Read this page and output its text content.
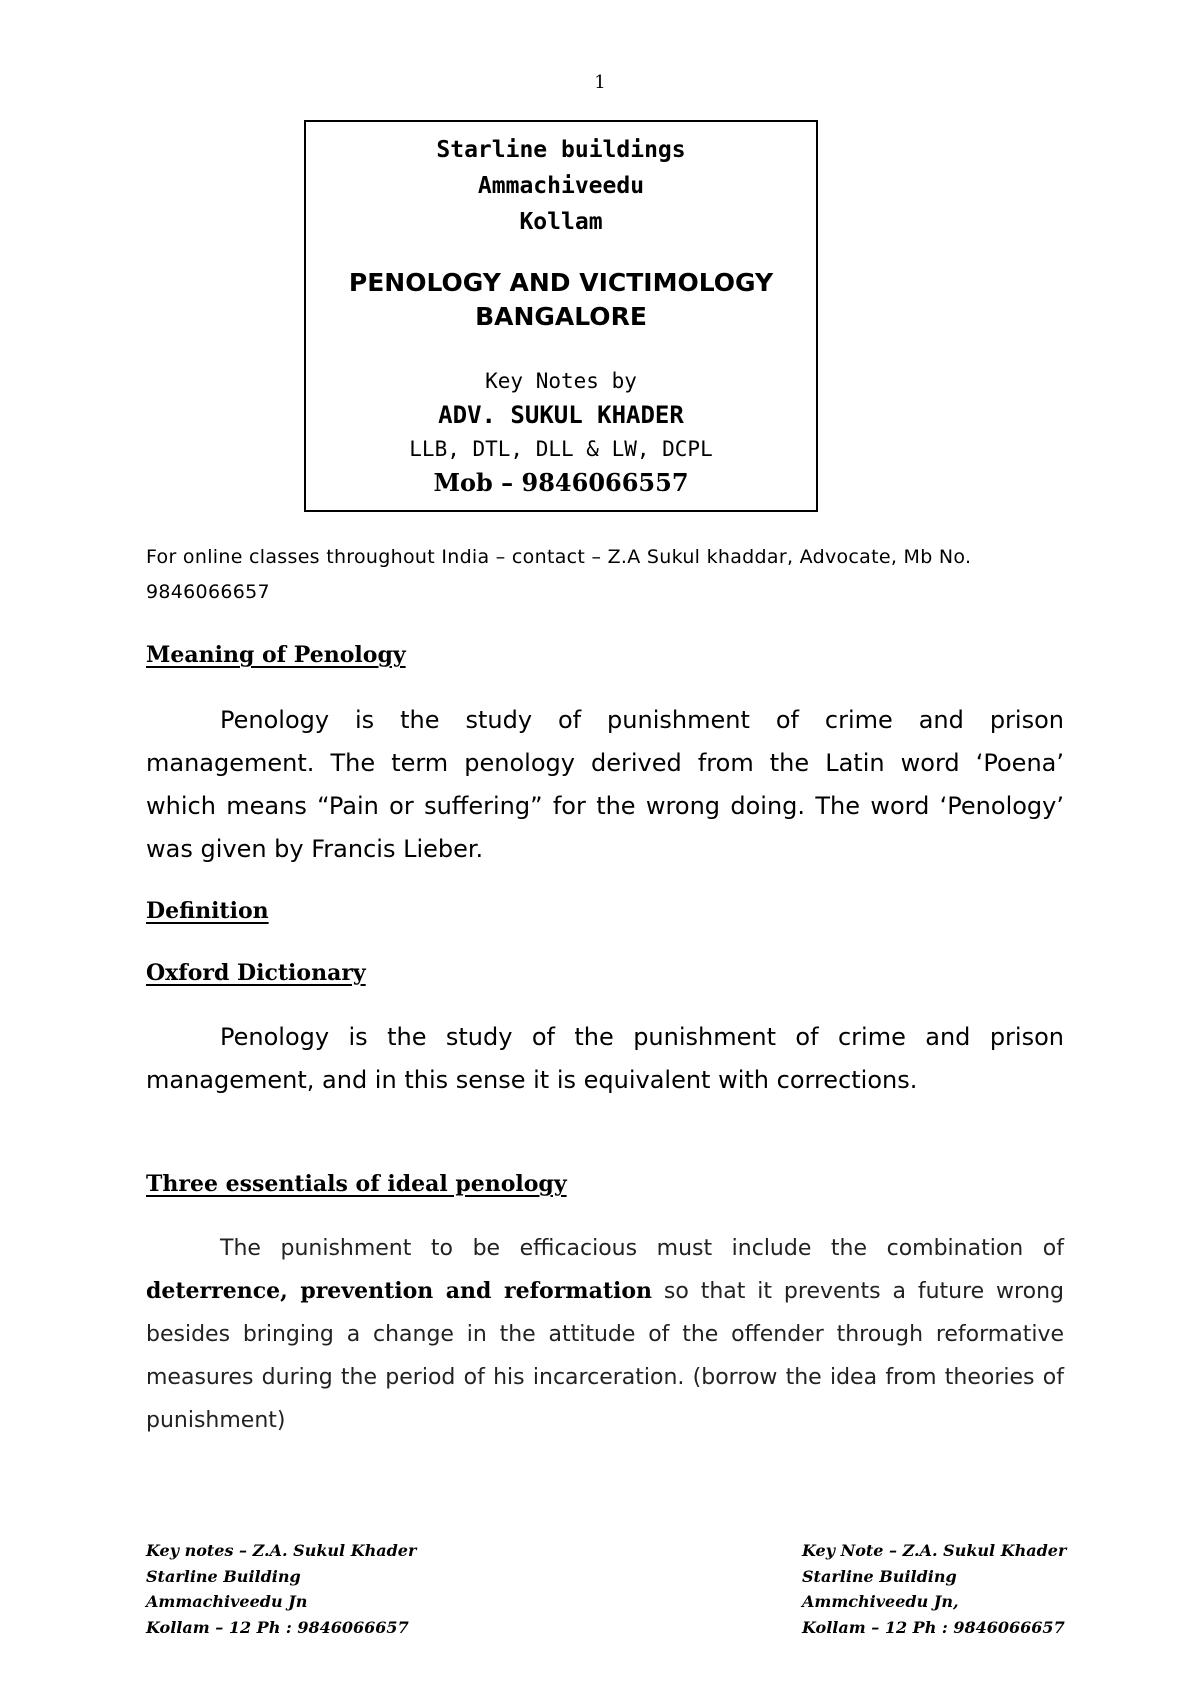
1
Starline buildings
Ammachiveedu
Kollam
PENOLOGY AND VICTIMOLOGY
BANGALORE
Key Notes by
ADV. SUKUL KHADER
LLB, DTL, DLL & LW, DCPL
Mob – 9846066557
For online classes throughout India – contact – Z.A Sukul khaddar, Advocate, Mb No. 9846066657
Meaning of Penology

Penology is the study of punishment of crime and prison management. The term penology derived from the Latin word ‘Poena’ which means “Pain or suffering” for the wrong doing. The word ‘Penology’ was given by Francis Lieber.

Definition
Oxford Dictionary

Penology is the study of the punishment of crime and prison management, and in this sense it is equivalent with corrections.

Three essentials of ideal penology

The punishment to be efficacious must include the combination of deterrence, prevention and reformation so that it prevents a future wrong besides bringing a change in the attitude of the offender through reformative measures during the period of his incarceration. (borrow the idea from theories of punishment)

Key notes – Z.A. Sukul Khader
Starline Building
Ammachiveedu Jn
Kollam – 12 Ph : 9846066657
Key Note – Z.A. Sukul Khader
Starline Building
Ammchiveedu Jn,
Kollam – 12 Ph : 9846066657
